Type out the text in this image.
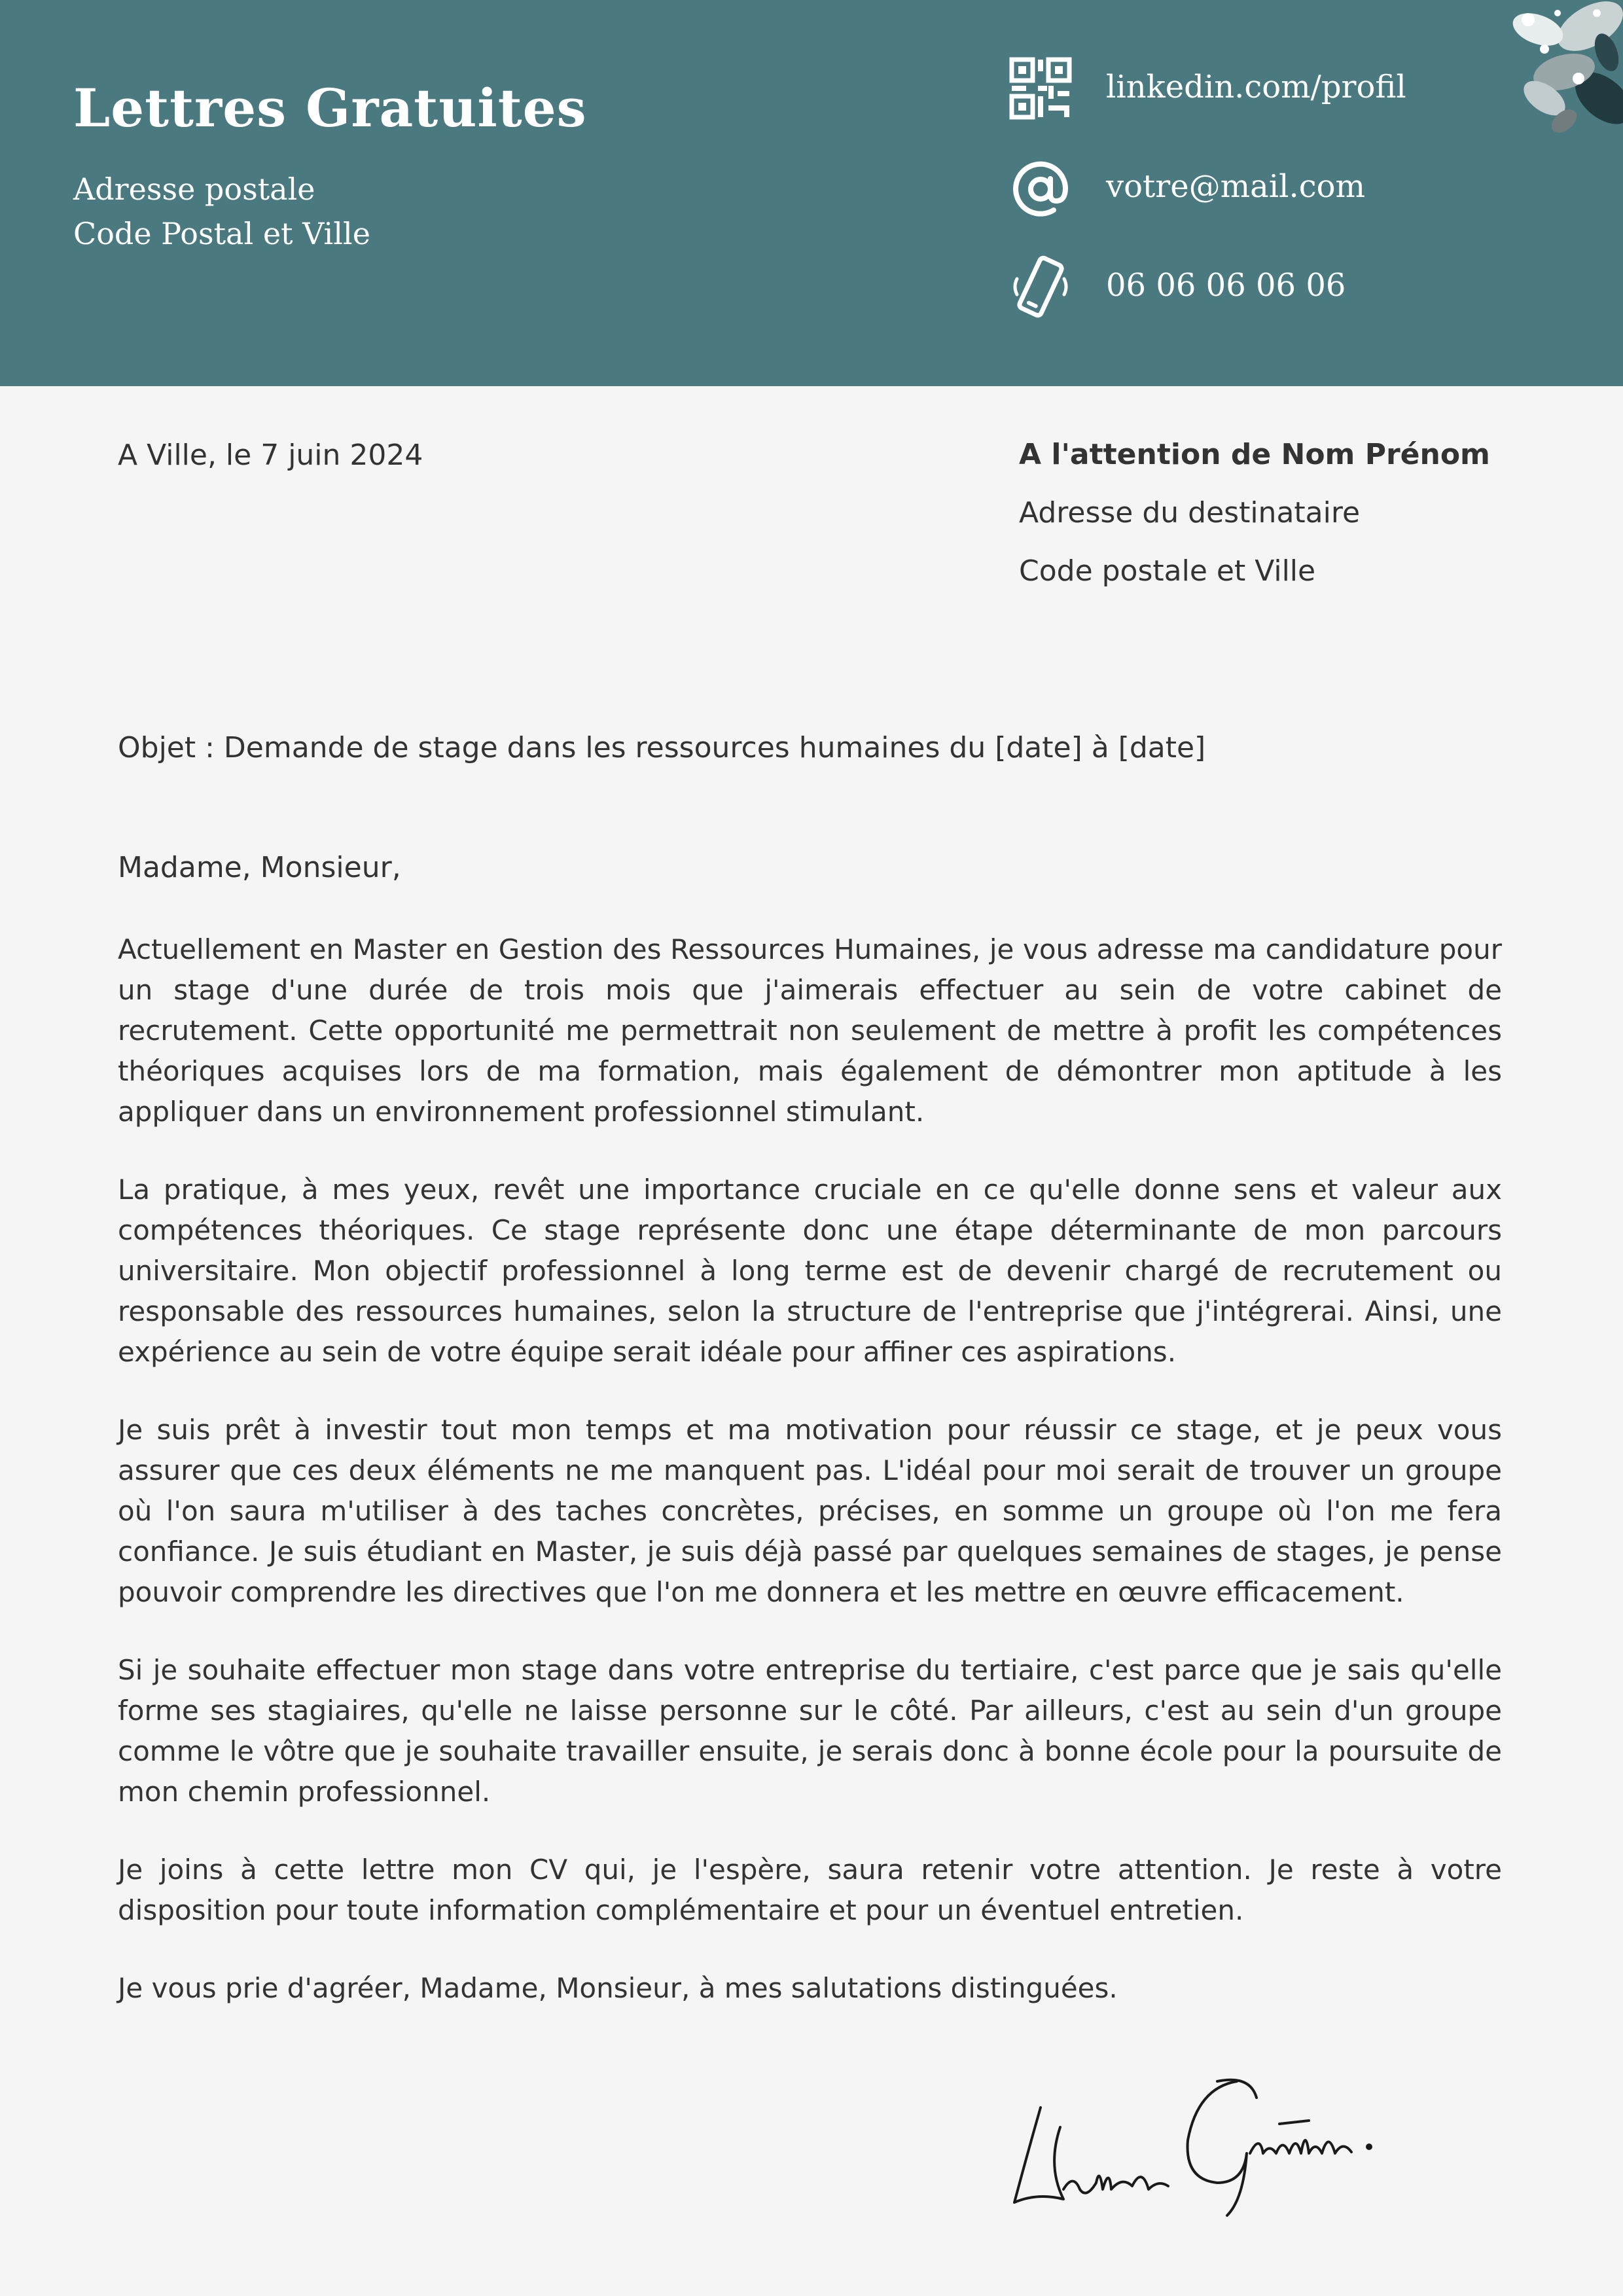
Lettres Gratuites
Adresse postale
Code Postal et Ville
linkedin.com/profil
votre@mail.com
06 06 06 06 06
A Ville, le 7 juin 2024	A l'attention de Nom Prénom
Adresse du destinataire
Code postale et Ville
Objet : Demande de stage dans les ressources humaines du [date] à [date]
Madame, Monsieur,

Actuellement en Master en Gestion des Ressources Humaines, je vous adresse ma candidature pour un stage d'une durée de trois mois que j'aimerais effectuer au sein de votre cabinet de recrutement. Cette opportunité me permettrait non seulement de mettre à profit les compétences théoriques acquises lors de ma formation, mais également de démontrer mon aptitude à les appliquer dans un environnement professionnel stimulant.

La pratique, à mes yeux, revêt une importance cruciale en ce qu'elle donne sens et valeur aux compétences théoriques. Ce stage représente donc une étape déterminante de mon parcours universitaire. Mon objectif professionnel à long terme est de devenir chargé de recrutement ou responsable des ressources humaines, selon la structure de l'entreprise que j'intégrerai. Ainsi, une expérience au sein de votre équipe serait idéale pour affiner ces aspirations.

Je suis prêt à investir tout mon temps et ma motivation pour réussir ce stage, et je peux vous assurer que ces deux éléments ne me manquent pas. L'idéal pour moi serait de trouver un groupe où l'on saura m'utiliser à des taches concrètes, précises, en somme un groupe où l'on me fera confiance. Je suis étudiant en Master, je suis déjà passé par quelques semaines de stages, je pense pouvoir comprendre les directives que l'on me donnera et les mettre en œuvre efficacement.

Si je souhaite effectuer mon stage dans votre entreprise du tertiaire, c'est parce que je sais qu'elle forme ses stagiaires, qu'elle ne laisse personne sur le côté. Par ailleurs, c'est au sein d'un groupe comme le vôtre que je souhaite travailler ensuite, je serais donc à bonne école pour la poursuite de mon chemin professionnel.

Je joins à cette lettre mon CV qui, je l'espère, saura retenir votre attention. Je reste à votre disposition pour toute information complémentaire et pour un éventuel entretien.

Je vous prie d'agréer, Madame, Monsieur, à mes salutations distinguées.
